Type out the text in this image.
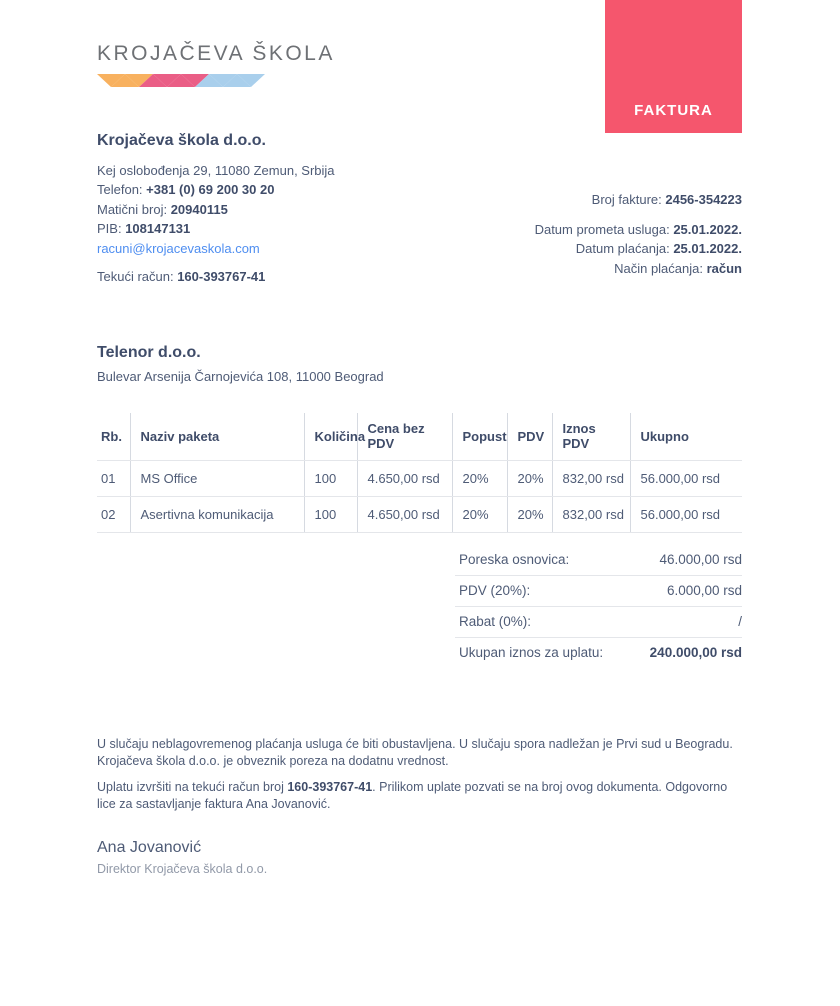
FAKTURA
KROJAČEVA ŠKOLA
Krojačeva škola d.o.o.

Kej oslobođenja 29, 11080 Zemun, Srbija

Telefon: +381 (0) 69 200 30 20

Matični broj: 20940115

PIB: 108147131

racuni@krojacevaskola.com

Tekući račun: 160-393767-41

Broj fakture: 2456-354223

Datum prometa usluga: 25.01.2022.

Datum plaćanja: 25.01.2022.

Način plaćanja: račun

Telenor d.o.o.

Bulevar Arsenija Čarnojevića 108, 11000 Beograd

Rb.	Naziv paketa	Količina	Cena bez PDV	Popust	PDV	Iznos PDV	Ukupno
01	MS Office	100	4.650,00 rsd	20%	20%	832,00 rsd	56.000,00 rsd
02	Asertivna komunikacija	100	4.650,00 rsd	20%	20%	832,00 rsd	56.000,00 rsd
Poreska osnovica:	46.000,00 rsd
PDV (20%):	6.000,00 rsd
Rabat (0%):	/
Ukupan iznos za uplatu:	240.000,00 rsd

U slučaju neblagovremenog plaćanja usluga će biti obustavljena. U slučaju spora nadležan je Prvi sud u Beogradu. Krojačeva škola d.o.o. je obveznik poreza na dodatnu vrednost.

Uplatu izvršiti na tekući račun broj 160-393767-41. Prilikom uplate pozvati se na broj ovog dokumenta. Odgovorno lice za sastavljanje faktura Ana Jovanović.

Ana Jovanović
Direktor Krojačeva škola d.o.o.
